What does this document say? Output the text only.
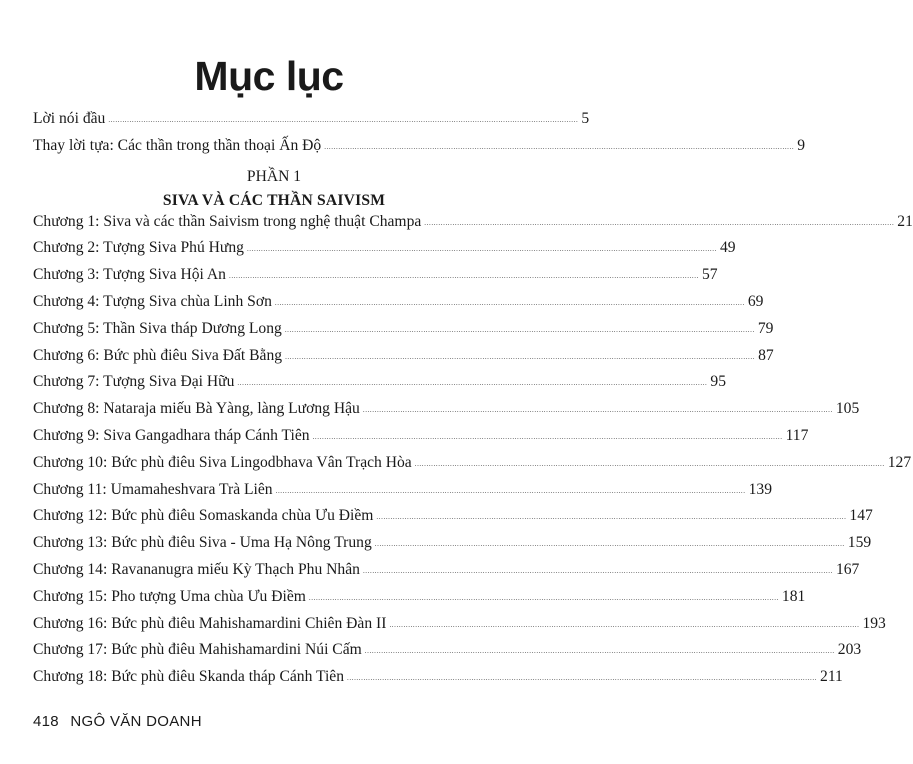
Mục lục
Lời nói đầu ........................................................................................................................................................................................................ 5
Thay lời tựa: Các thần trong thần thoại Ấn Độ ........................................................................................................................................................................................................ 9
PHẦN 1
SIVA VÀ CÁC THẦN SAIVISM
Chương 1: Siva và các thần Saivism trong nghệ thuật Champa ........................................................................................................................................................................................................ 21
Chương 2: Tượng Siva Phú Hưng ........................................................................................................................................................................................................ 49
Chương 3: Tượng Siva Hội An ........................................................................................................................................................................................................ 57
Chương 4: Tượng Siva chùa Linh Sơn ........................................................................................................................................................................................................ 69
Chương 5: Thần Siva tháp Dương Long ........................................................................................................................................................................................................ 79
Chương 6: Bức phù điêu Siva Đất Bằng ........................................................................................................................................................................................................ 87
Chương 7: Tượng Siva Đại Hữu ........................................................................................................................................................................................................ 95
Chương 8: Nataraja miếu Bà Yàng, làng Lương Hậu ........................................................................................................................................................................................................ 105
Chương 9: Siva Gangadhara tháp Cánh Tiên ........................................................................................................................................................................................................ 117
Chương 10: Bức phù điêu Siva Lingodbhava Vân Trạch Hòa ........................................................................................................................................................................................................ 127
Chương 11: Umamaheshvara Trà Liên ........................................................................................................................................................................................................ 139
Chương 12: Bức phù điêu Somaskanda chùa Ưu Điềm ........................................................................................................................................................................................................ 147
Chương 13: Bức phù điêu Siva - Uma Hạ Nông Trung ........................................................................................................................................................................................................ 159
Chương 14: Ravananugra miếu Kỳ Thạch Phu Nhân ........................................................................................................................................................................................................ 167
Chương 15: Pho tượng Uma chùa Ưu Điềm ........................................................................................................................................................................................................ 181
Chương 16: Bức phù điêu Mahishamardini Chiên Đàn II ........................................................................................................................................................................................................ 193
Chương 17: Bức phù điêu Mahishamardini Núi Cấm ........................................................................................................................................................................................................ 203
Chương 18: Bức phù điêu Skanda tháp Cánh Tiên ........................................................................................................................................................................................................ 211
418 NGÔ VĂN DOANH
